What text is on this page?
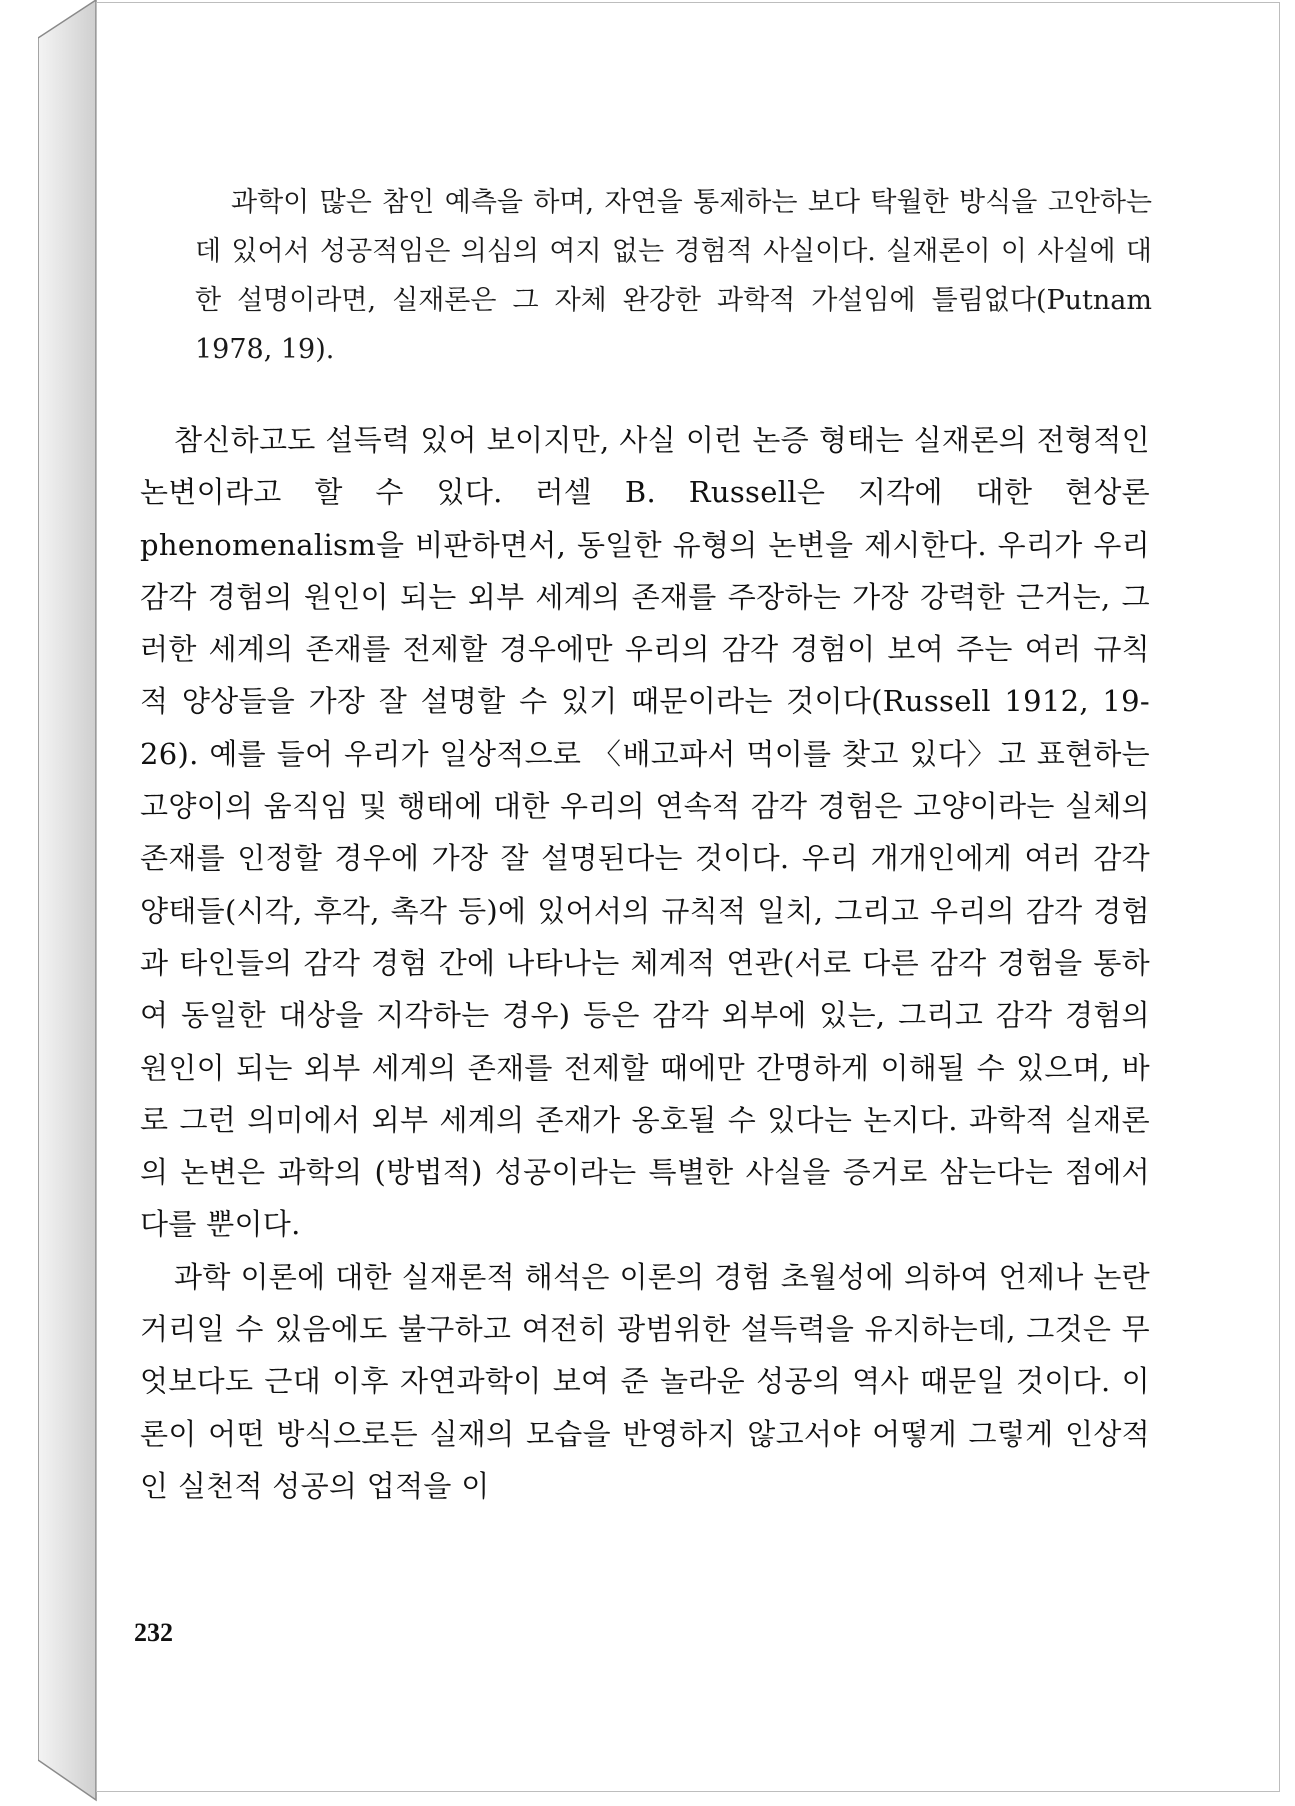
과학이 많은 참인 예측을 하며, 자연을 통제하는 보다 탁월한 방식을 고안하는 데 있어서 성공적임은 의심의 여지 없는 경험적 사실이다. 실재론이 이 사실에 대한 설명이라면, 실재론은 그 자체 완강한 과학적 가설임에 틀림없다(Putnam 1978, 19).

참신하고도 설득력 있어 보이지만, 사실 이런 논증 형태는 실재론의 전형적인 논변이라고 할 수 있다. 러셀 B. Russell은 지각에 대한 현상론 phenomenalism을 비판하면서, 동일한 유형의 논변을 제시한다. 우리가 우리 감각 경험의 원인이 되는 외부 세계의 존재를 주장하는 가장 강력한 근거는, 그러한 세계의 존재를 전제할 경우에만 우리의 감각 경험이 보여 주는 여러 규칙적 양상들을 가장 잘 설명할 수 있기 때문이라는 것이다(Russell 1912, 19-26). 예를 들어 우리가 일상적으로 〈배고파서 먹이를 찾고 있다〉고 표현하는 고양이의 움직임 및 행태에 대한 우리의 연속적 감각 경험은 고양이라는 실체의 존재를 인정할 경우에 가장 잘 설명된다는 것이다. 우리 개개인에게 여러 감각 양태들(시각, 후각, 촉각 등)에 있어서의 규칙적 일치, 그리고 우리의 감각 경험과 타인들의 감각 경험 간에 나타나는 체계적 연관(서로 다른 감각 경험을 통하여 동일한 대상을 지각하는 경우) 등은 감각 외부에 있는, 그리고 감각 경험의 원인이 되는 외부 세계의 존재를 전제할 때에만 간명하게 이해될 수 있으며, 바로 그런 의미에서 외부 세계의 존재가 옹호될 수 있다는 논지다. 과학적 실재론의 논변은 과학의 (방법적) 성공이라는 특별한 사실을 증거로 삼는다는 점에서 다를 뿐이다.

과학 이론에 대한 실재론적 해석은 이론의 경험 초월성에 의하여 언제나 논란거리일 수 있음에도 불구하고 여전히 광범위한 설득력을 유지하는데, 그것은 무엇보다도 근대 이후 자연과학이 보여 준 놀라운 성공의 역사 때문일 것이다. 이론이 어떤 방식으로든 실재의 모습을 반영하지 않고서야 어떻게 그렇게 인상적인 실천적 성공의 업적을 이

232
